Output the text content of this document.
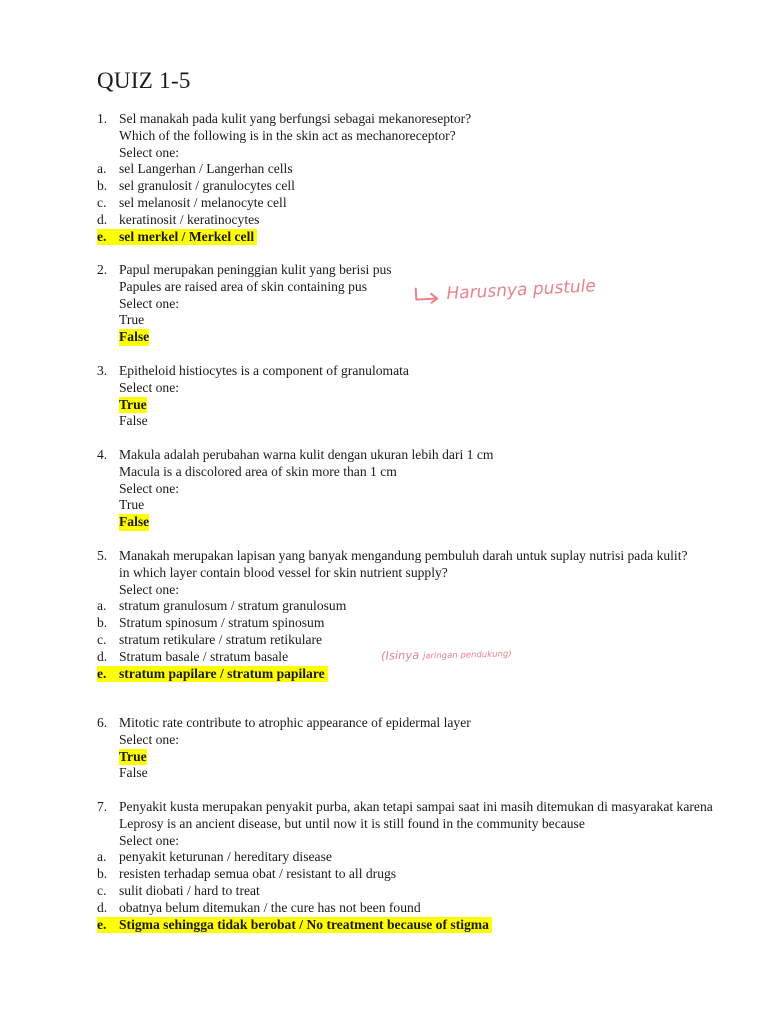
QUIZ 1-5
1. Sel manakah pada kulit yang berfungsi sebagai mekanoreseptor?
Which of the following is in the skin act as mechanoreceptor?
Select one:
a. sel Langerhan / Langerhan cells
b. sel granulosit / granulocytes cell
c. sel melanosit / melanocyte cell
d. keratinosit / keratinocytes
e. sel merkel / Merkel cell
2. Papul merupakan peninggian kulit yang berisi pus
Papules are raised area of skin containing pus
Select one:
True
False
3. Epitheloid histiocytes is a component of granulomata
Select one:
True
False
4. Makula adalah perubahan warna kulit dengan ukuran lebih dari 1 cm
Macula is a discolored area of skin more than 1 cm
Select one:
True
False
5. Manakah merupakan lapisan yang banyak mengandung pembuluh darah untuk suplay nutrisi pada kulit?
in which layer contain blood vessel for skin nutrient supply?
Select one:
a. stratum granulosum / stratum granulosum
b. Stratum spinosum / stratum spinosum
c. stratum retikulare / stratum retikulare
d. Stratum basale / stratum basale
e. stratum papilare / stratum papilare
6. Mitotic rate contribute to atrophic appearance of epidermal layer
Select one:
True
False
7. Penyakit kusta merupakan penyakit purba, akan tetapi sampai saat ini masih ditemukan di masyarakat karena
Leprosy is an ancient disease, but until now it is still found in the community because
Select one:
a. penyakit keturunan / hereditary disease
b. resisten terhadap semua obat / resistant to all drugs
c. sulit diobati / hard to treat
d. obatnya belum ditemukan / the cure has not been found
e. Stigma sehingga tidak berobat / No treatment because of stigma
Harusnya pustule
(Isinya jaringan pendukung)
